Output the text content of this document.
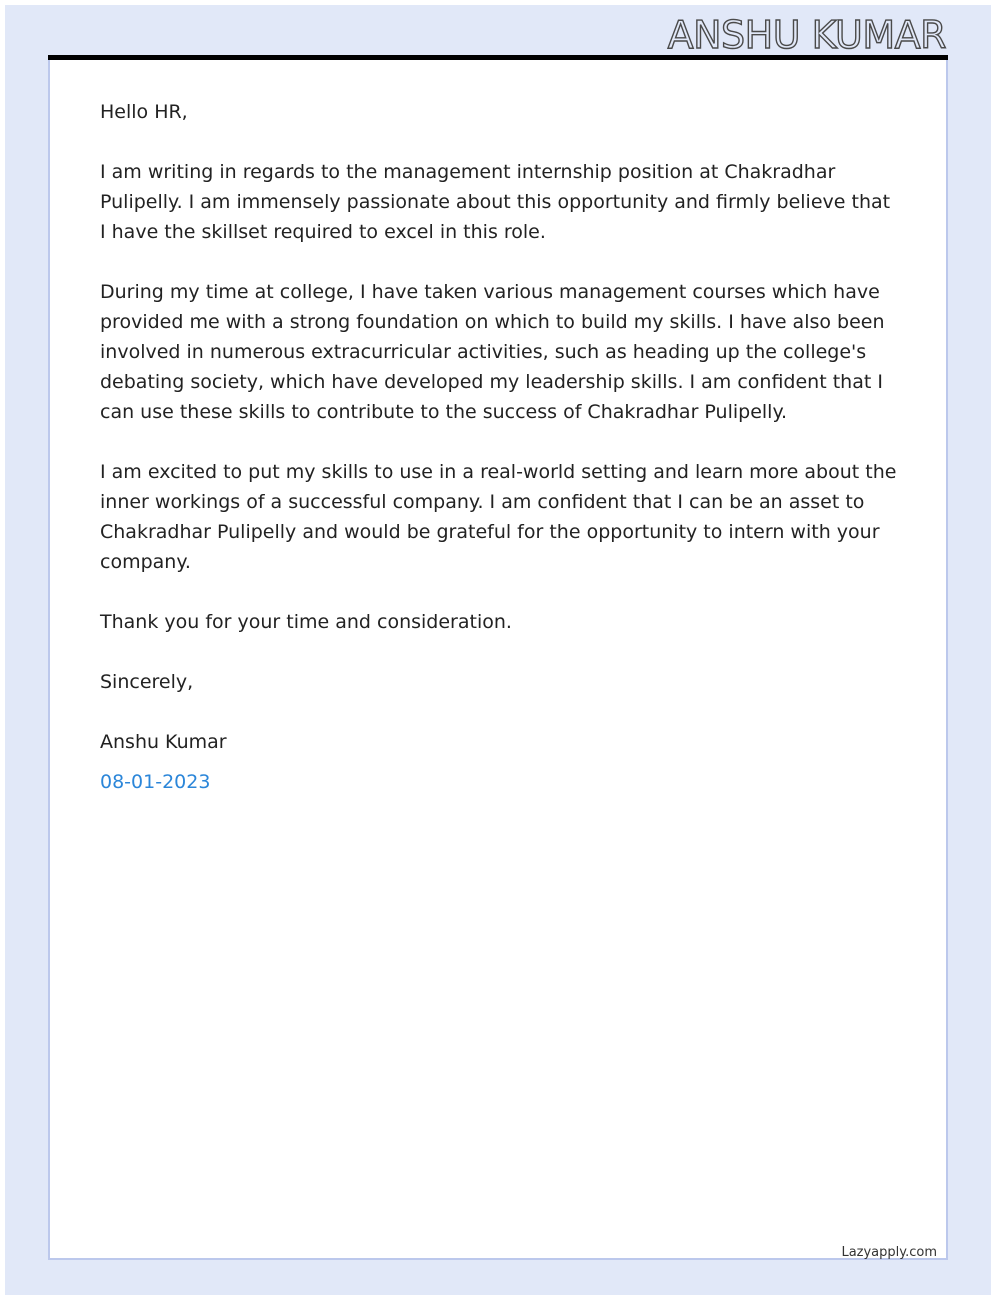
ANSHU KUMAR

Hello HR,

I am writing in regards to the management internship position at Chakradhar Pulipelly. I am immensely passionate about this opportunity and firmly believe that I have the skillset required to excel in this role.

During my time at college, I have taken various management courses which have provided me with a strong foundation on which to build my skills. I have also been involved in numerous extracurricular activities, such as heading up the college's debating society, which have developed my leadership skills. I am confident that I can use these skills to contribute to the success of Chakradhar Pulipelly.

I am excited to put my skills to use in a real-world setting and learn more about the inner workings of a successful company. I am confident that I can be an asset to Chakradhar Pulipelly and would be grateful for the opportunity to intern with your company.

Thank you for your time and consideration.

Sincerely,

Anshu Kumar

08-01-2023

Lazyapply.com
